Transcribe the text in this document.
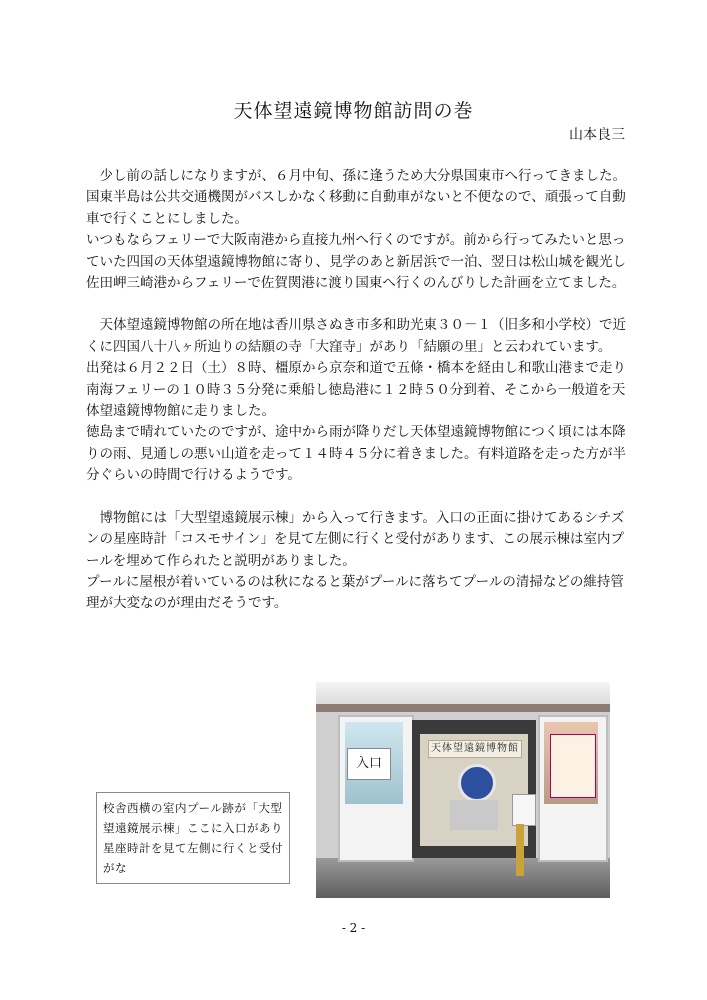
天体望遠鏡博物館訪問の巻
山本良三

少し前の話しになりますが、６月中旬、孫に逢うため大分県国東市へ行ってきました。

国東半島は公共交通機関がバスしかなく移動に自動車がないと不便なので、頑張って自動車で行くことにしました。

いつもならフェリーで大阪南港から直接九州へ行くのですが。前から行ってみたいと思っていた四国の天体望遠鏡博物館に寄り、見学のあと新居浜で一泊、翌日は松山城を観光し佐田岬三崎港からフェリーで佐賀関港に渡り国東へ行くのんびりした計画を立てました。

天体望遠鏡博物館の所在地は香川県さぬき市多和助光東３０－１（旧多和小学校）で近くに四国八十八ヶ所辿りの結願の寺「大窪寺」があり「結願の里」と云われています。

出発は６月２２日（土）８時、橿原から京奈和道で五條・橋本を経由し和歌山港まで走り南海フェリーの１０時３５分発に乗船し徳島港に１２時５０分到着、そこから一般道を天体望遠鏡博物館に走りました。

徳島まで晴れていたのですが、途中から雨が降りだし天体望遠鏡博物館につく頃には本降りの雨、見通しの悪い山道を走って１４時４５分に着きました。有料道路を走った方が半分ぐらいの時間で行けるようです。

博物館には「大型望遠鏡展示棟」から入って行きます。入口の正面に掛けてあるシチズンの星座時計「コスモサイン」を見て左側に行くと受付があります、この展示棟は室内プールを埋めて作られたと説明がありました。

プールに屋根が着いているのは秋になると葉がプールに落ちてプールの清掃などの維持管理が大変なのが理由だそうです。

天体望遠鏡博物館
入口
校舎西横の室内プール跡が「大型望遠鏡展示棟」ここに入口があり星座時計を見て左側に行くと受付がな
- 2 -
